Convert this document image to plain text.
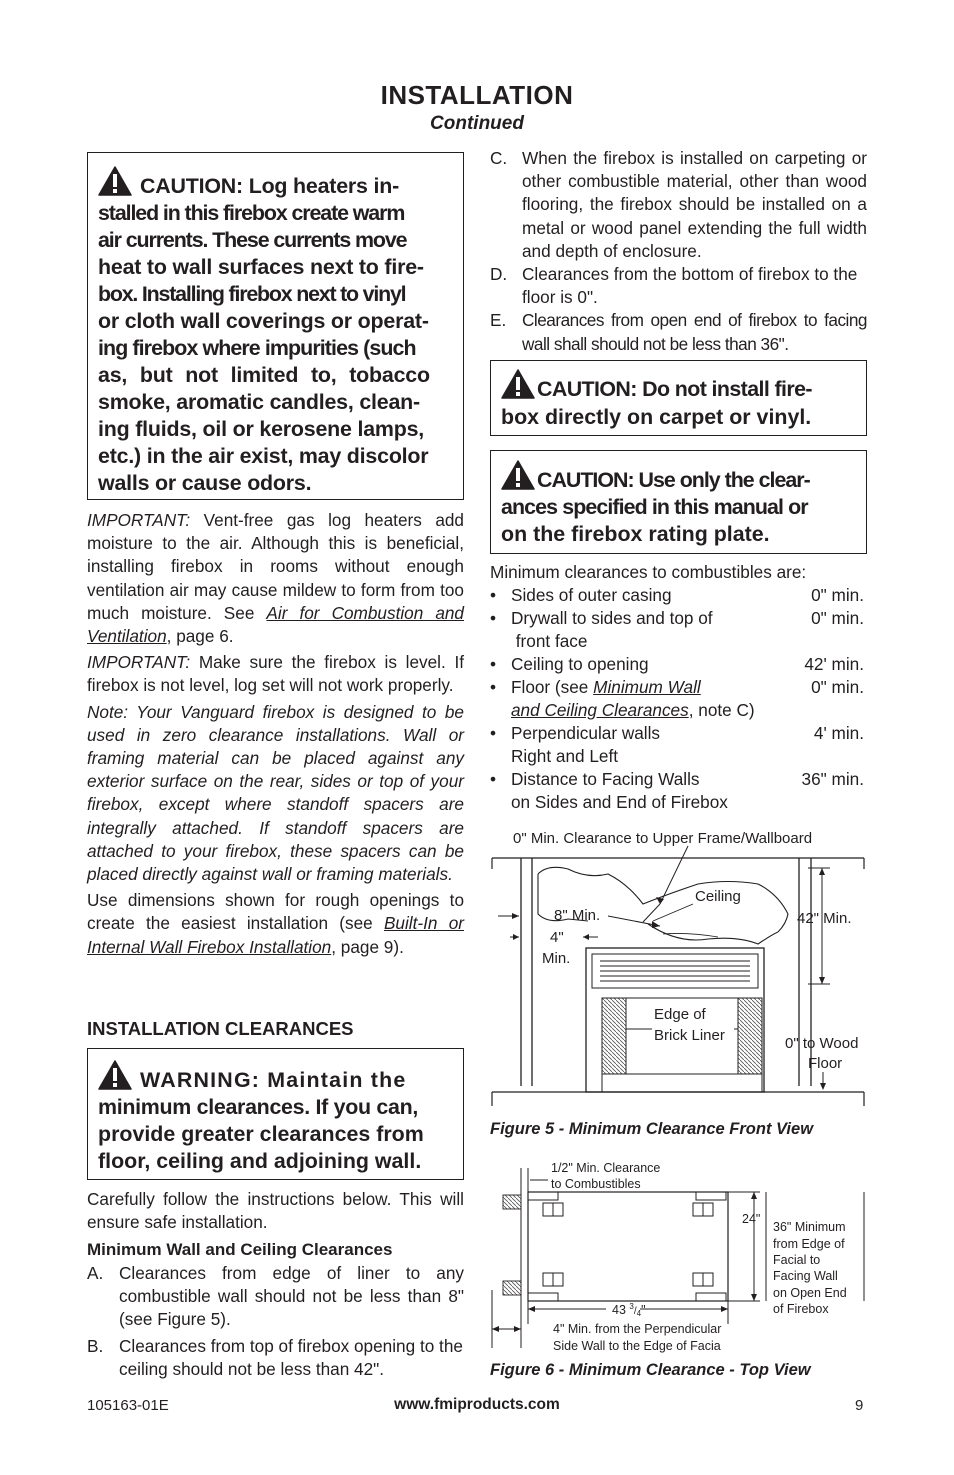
INSTALLATION
Continued
CAUTION: Log heaters in-
stalled in this firebox create warm
air currents. These currents move
heat to wall surfaces next to fire-
box. Installing firebox next to vinyl
or cloth wall coverings or operat-
ing firebox where impurities (such
as, but not limited to, tobacco
smoke, aromatic candles, clean-
ing fluids, oil or kerosene lamps,
etc.) in the air exist, may discolor
walls or cause odors.
IMPORTANT: Vent-free gas log heaters add moisture to the air. Although this is beneficial, installing firebox in rooms without enough ventilation air may cause mildew to form from too much moisture. See Air for Combustion and Ventilation, page 6.
IMPORTANT: Make sure the firebox is level. If firebox is not level, log set will not work properly.
Note: Your Vanguard firebox is designed to be used in zero clearance installations. Wall or framing material can be placed against any exterior surface on the rear, sides or top of your firebox, except where standoff spacers are integrally attached. If standoff spacers are attached to your firebox, these spacers can be placed directly against wall or framing materials.
Use dimensions shown for rough openings to create the easiest installation (see Built-In or Internal Wall Firebox Installation, page 9).
INSTALLATION CLEARANCES
WARNING: Maintain the
minimum clearances. If you can,
provide greater clearances from
floor, ceiling and adjoining wall.
Carefully follow the instructions below. This will ensure safe installation.
Minimum Wall and Ceiling Clearances
A. Clearances from edge of liner to any combustible wall should not be less than 8" (see Figure 5).
B. Clearances from top of firebox opening to the ceiling should not be less than 42".
C. When the firebox is installed on carpeting or other combustible material, other than wood flooring, the firebox should be installed on a metal or wood panel extending the full width and depth of enclosure.
D. Clearances from the bottom of firebox to the floor is 0".
E. Clearances from open end of firebox to facing wall shall should not be less than 36".
CAUTION: Do not install fire-
box directly on carpet or vinyl.
CAUTION: Use only the clear-
ances specified in this manual or
on the firebox rating plate.
Minimum clearances to combustibles are:
• Sides of outer casing	0" min.
• Drywall to sides and top of	0" min.
front face
• Ceiling to opening	42' min.
• Floor (see Minimum Wall	0" min.
and Ceiling Clearances, note C)
• Perpendicular walls	4' min.
Right and Left
• Distance to Facing Walls	36" min.
on Sides and End of Firebox
0" Min. Clearance to Upper Frame/Wallboard
Ceiling
8" Min.
4"
Min.
42" Min.
Edge of
Brick Liner	0" to Wood
Floor
Figure 5 - Minimum Clearance Front View
1/2" Min. Clearance
to Combustibles
24"
36" Minimum
from Edge of
Facial to
Facing Wall
on Open End
of Firebox
43 $^3_/$4"
4" Min. from the Perpendicular
Side Wall to the Edge of Facia
Figure 6 - Minimum Clearance - Top View
105163-01E	www.fmiproducts.com	9
